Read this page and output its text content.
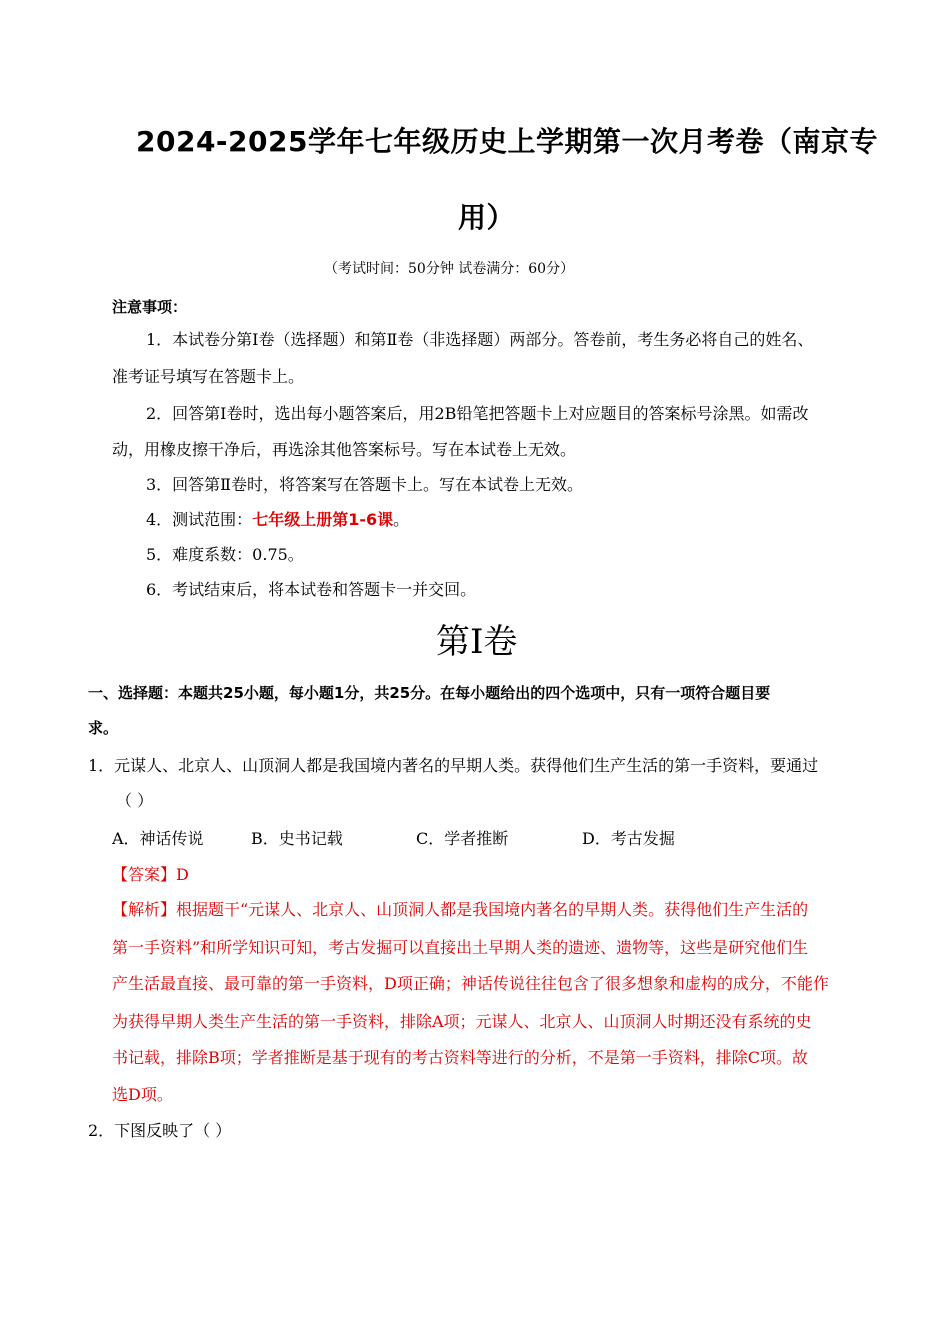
2024-2025学年七年级历史上学期第一次月考卷（南京专
用）
（考试时间：50分钟 试卷满分：60分）
注意事项：
1．本试卷分第Ⅰ卷（选择题）和第Ⅱ卷（非选择题）两部分。答卷前，考生务必将自己的姓名、
准考证号填写在答题卡上。
2．回答第Ⅰ卷时，选出每小题答案后，用2B铅笔把答题卡上对应题目的答案标号涂黑。如需改
动，用橡皮擦干净后，再选涂其他答案标号。写在本试卷上无效。
3．回答第Ⅱ卷时，将答案写在答题卡上。写在本试卷上无效。
4．测试范围：七年级上册第1-6课。
5．难度系数：0.75。
6．考试结束后，将本试卷和答题卡一并交回。
第Ⅰ卷
一、选择题：本题共25小题，每小题1分，共25分。在每小题给出的四个选项中，只有一项符合题目要
求。
1．元谋人、北京人、山顶洞人都是我国境内著名的早期人类。获得他们生产生活的第一手资料，要通过
（ ）
A．神话传说	B．史书记载	C．学者推断	D．考古发掘
【答案】D
【解析】根据题干“元谋人、北京人、山顶洞人都是我国境内著名的早期人类。获得他们生产生活的
第一手资料”和所学知识可知，考古发掘可以直接出土早期人类的遗迹、遗物等，这些是研究他们生
产生活最直接、最可靠的第一手资料，D项正确；神话传说往往包含了很多想象和虚构的成分，不能作
为获得早期人类生产生活的第一手资料，排除A项；元谋人、北京人、山顶洞人时期还没有系统的史
书记载，排除B项；学者推断是基于现有的考古资料等进行的分析，不是第一手资料，排除C项。故
选D项。
2．下图反映了（ ）
